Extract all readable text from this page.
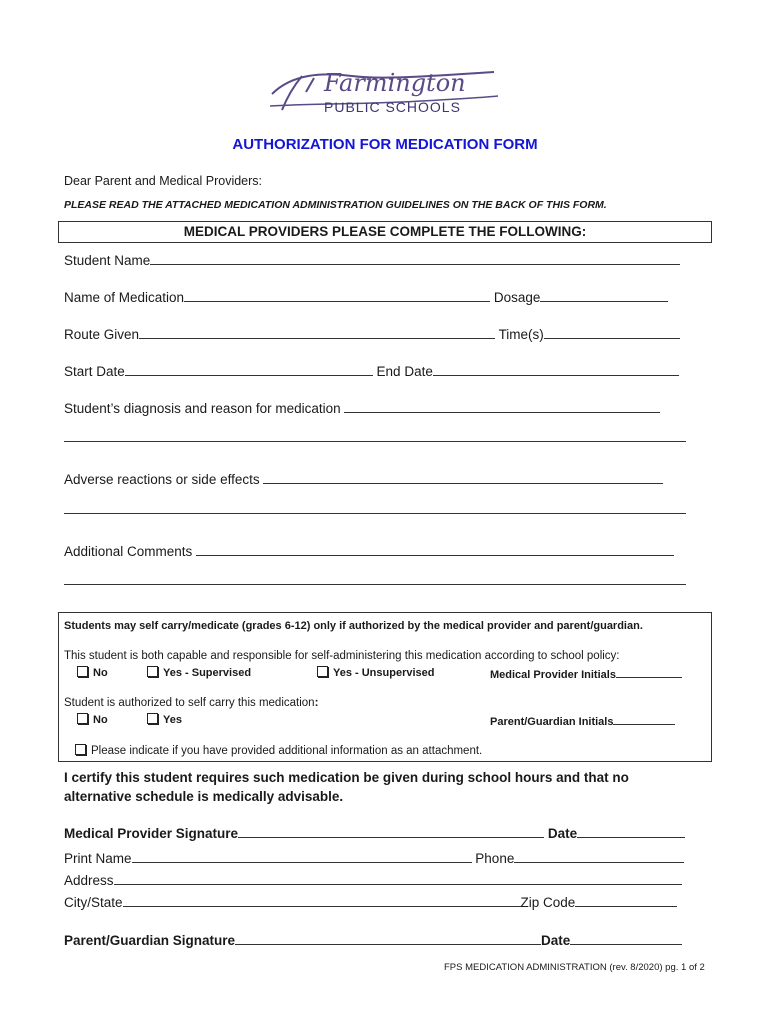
Farmington
PUBLIC SCHOOLS
AUTHORIZATION FOR MEDICATION FORM
Dear Parent and Medical Providers:
PLEASE READ THE ATTACHED MEDICATION ADMINISTRATION GUIDELINES ON THE BACK OF THIS FORM.
MEDICAL PROVIDERS PLEASE COMPLETE THE FOLLOWING:
Student Name
Name of Medication	Dosage
Route Given	Time(s)
Start Date	End Date
Student’s diagnosis and reason for medication
Adverse reactions or side effects
Additional Comments
Students may self carry/medicate (grades 6-12) only if authorized by the medical provider and parent/guardian.
This student is both capable and responsible for self-administering this medication according to school policy:
No	Yes - Supervised	Yes - Unsupervised	Medical Provider Initials
Student is authorized to self carry this medication:
No	Yes	Parent/Guardian Initials
Please indicate if you have provided additional information as an attachment.
I certify this student requires such medication be given during school hours and that no alternative schedule is medically advisable.
Medical Provider Signature	Date
Print Name	Phone
Address
City/State	Zip Code
Parent/Guardian Signature	Date
FPS MEDICATION ADMINISTRATION (rev. 8/2020) pg. 1 of 2
